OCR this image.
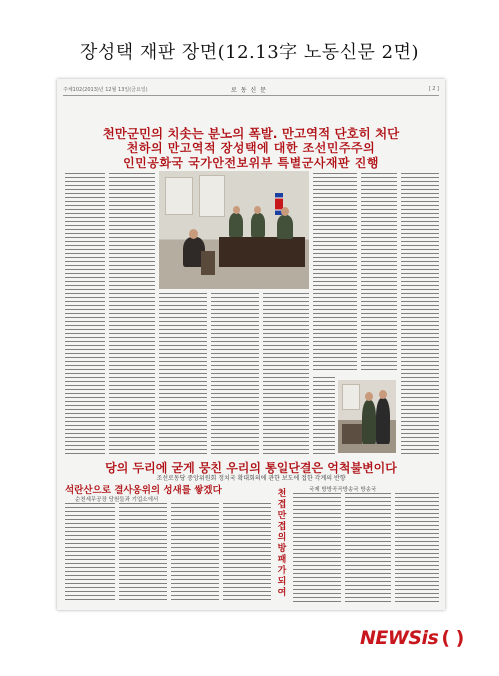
장성택 재판 장면(12.13字 노동신문 2면)
주체102(2013)년 12월 13일(금요일)	로 동 신 문	[ 2 ]
천만군민의 치솟는 분노의 폭발. 만고역적 단호히 처단
천하의 만고역적 장성택에 대한 조선민주주의
인민공화국 국가안전보위부 특별군사재판 진행
당의 두리에 굳게 뭉친 우리의 통일단결은 억척불변이다
조선로동당 중앙위원회 정치국 확대회의에 관한 보도에 접한 각계의 반향
석란산으로 결사옹위의 성새를 쌓겠다
순천세무공장 당원들과 기업소에서
국제 방방곡곡방송국 방송국
천겹만겹의 방패가 되여
NEWSis ( )
